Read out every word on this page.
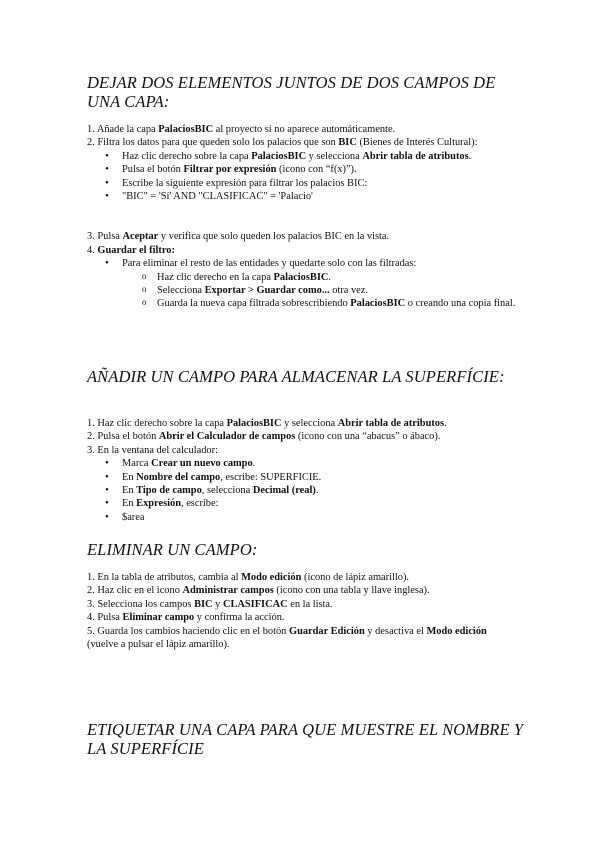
DEJAR DOS ELEMENTOS JUNTOS DE DOS CAMPOS DE UNA CAPA:

1. Añade la capa PalaciosBIC al proyecto si no aparece automáticamente.

2. Filtra los datos para que queden solo los palacios que son BIC (Bienes de Interés Cultural):

• Haz clic derecho sobre la capa PalaciosBIC y selecciona Abrir tabla de atributos.
• Pulsa el botón Filtrar por expresión (icono con “f(x)”).
• Escribe la siguiente expresión para filtrar los palacios BIC:
• "BIC" = 'Sí' AND "CLASIFICAC" = 'Palacio'

3. Pulsa Aceptar y verifica que solo queden los palacios BIC en la vista.

4. Guardar el filtro:

• Para eliminar el resto de las entidades y quedarte solo con las filtradas:
o Haz clic derecho en la capa PalaciosBIC.
o Selecciona Exportar > Guardar como... otra vez.
o Guarda la nueva capa filtrada sobrescribiendo PalaciosBIC o creando una copia final.
AÑADIR UN CAMPO PARA ALMACENAR LA SUPERFÍCIE:

1. Haz clic derecho sobre la capa PalaciosBIC y selecciona Abrir tabla de atributos.

2. Pulsa el botón Abrir el Calculador de campos (icono con una “abacus” o ábaco).

3. En la ventana del calculador:

• Marca Crear un nuevo campo.
• En Nombre del campo, escribe: SUPERFICIE.
• En Tipo de campo, selecciona Decimal (real).
• En Expresión, escribe:
• $area
ELIMINAR UN CAMPO:

1. En la tabla de atributos, cambia al Modo edición (icono de lápiz amarillo).

2. Haz clic en el icono Administrar campos (icono con una tabla y llave inglesa).

3. Selecciona los campos BIC y CLASIFICAC en la lista.

4. Pulsa Eliminar campo y confirma la acción.

5. Guarda los cambios haciendo clic en el botón Guardar Edición y desactiva el Modo edición (vuelve a pulsar el lápiz amarillo).

ETIQUETAR UNA CAPA PARA QUE MUESTRE EL NOMBRE Y LA SUPERFÍCIE
